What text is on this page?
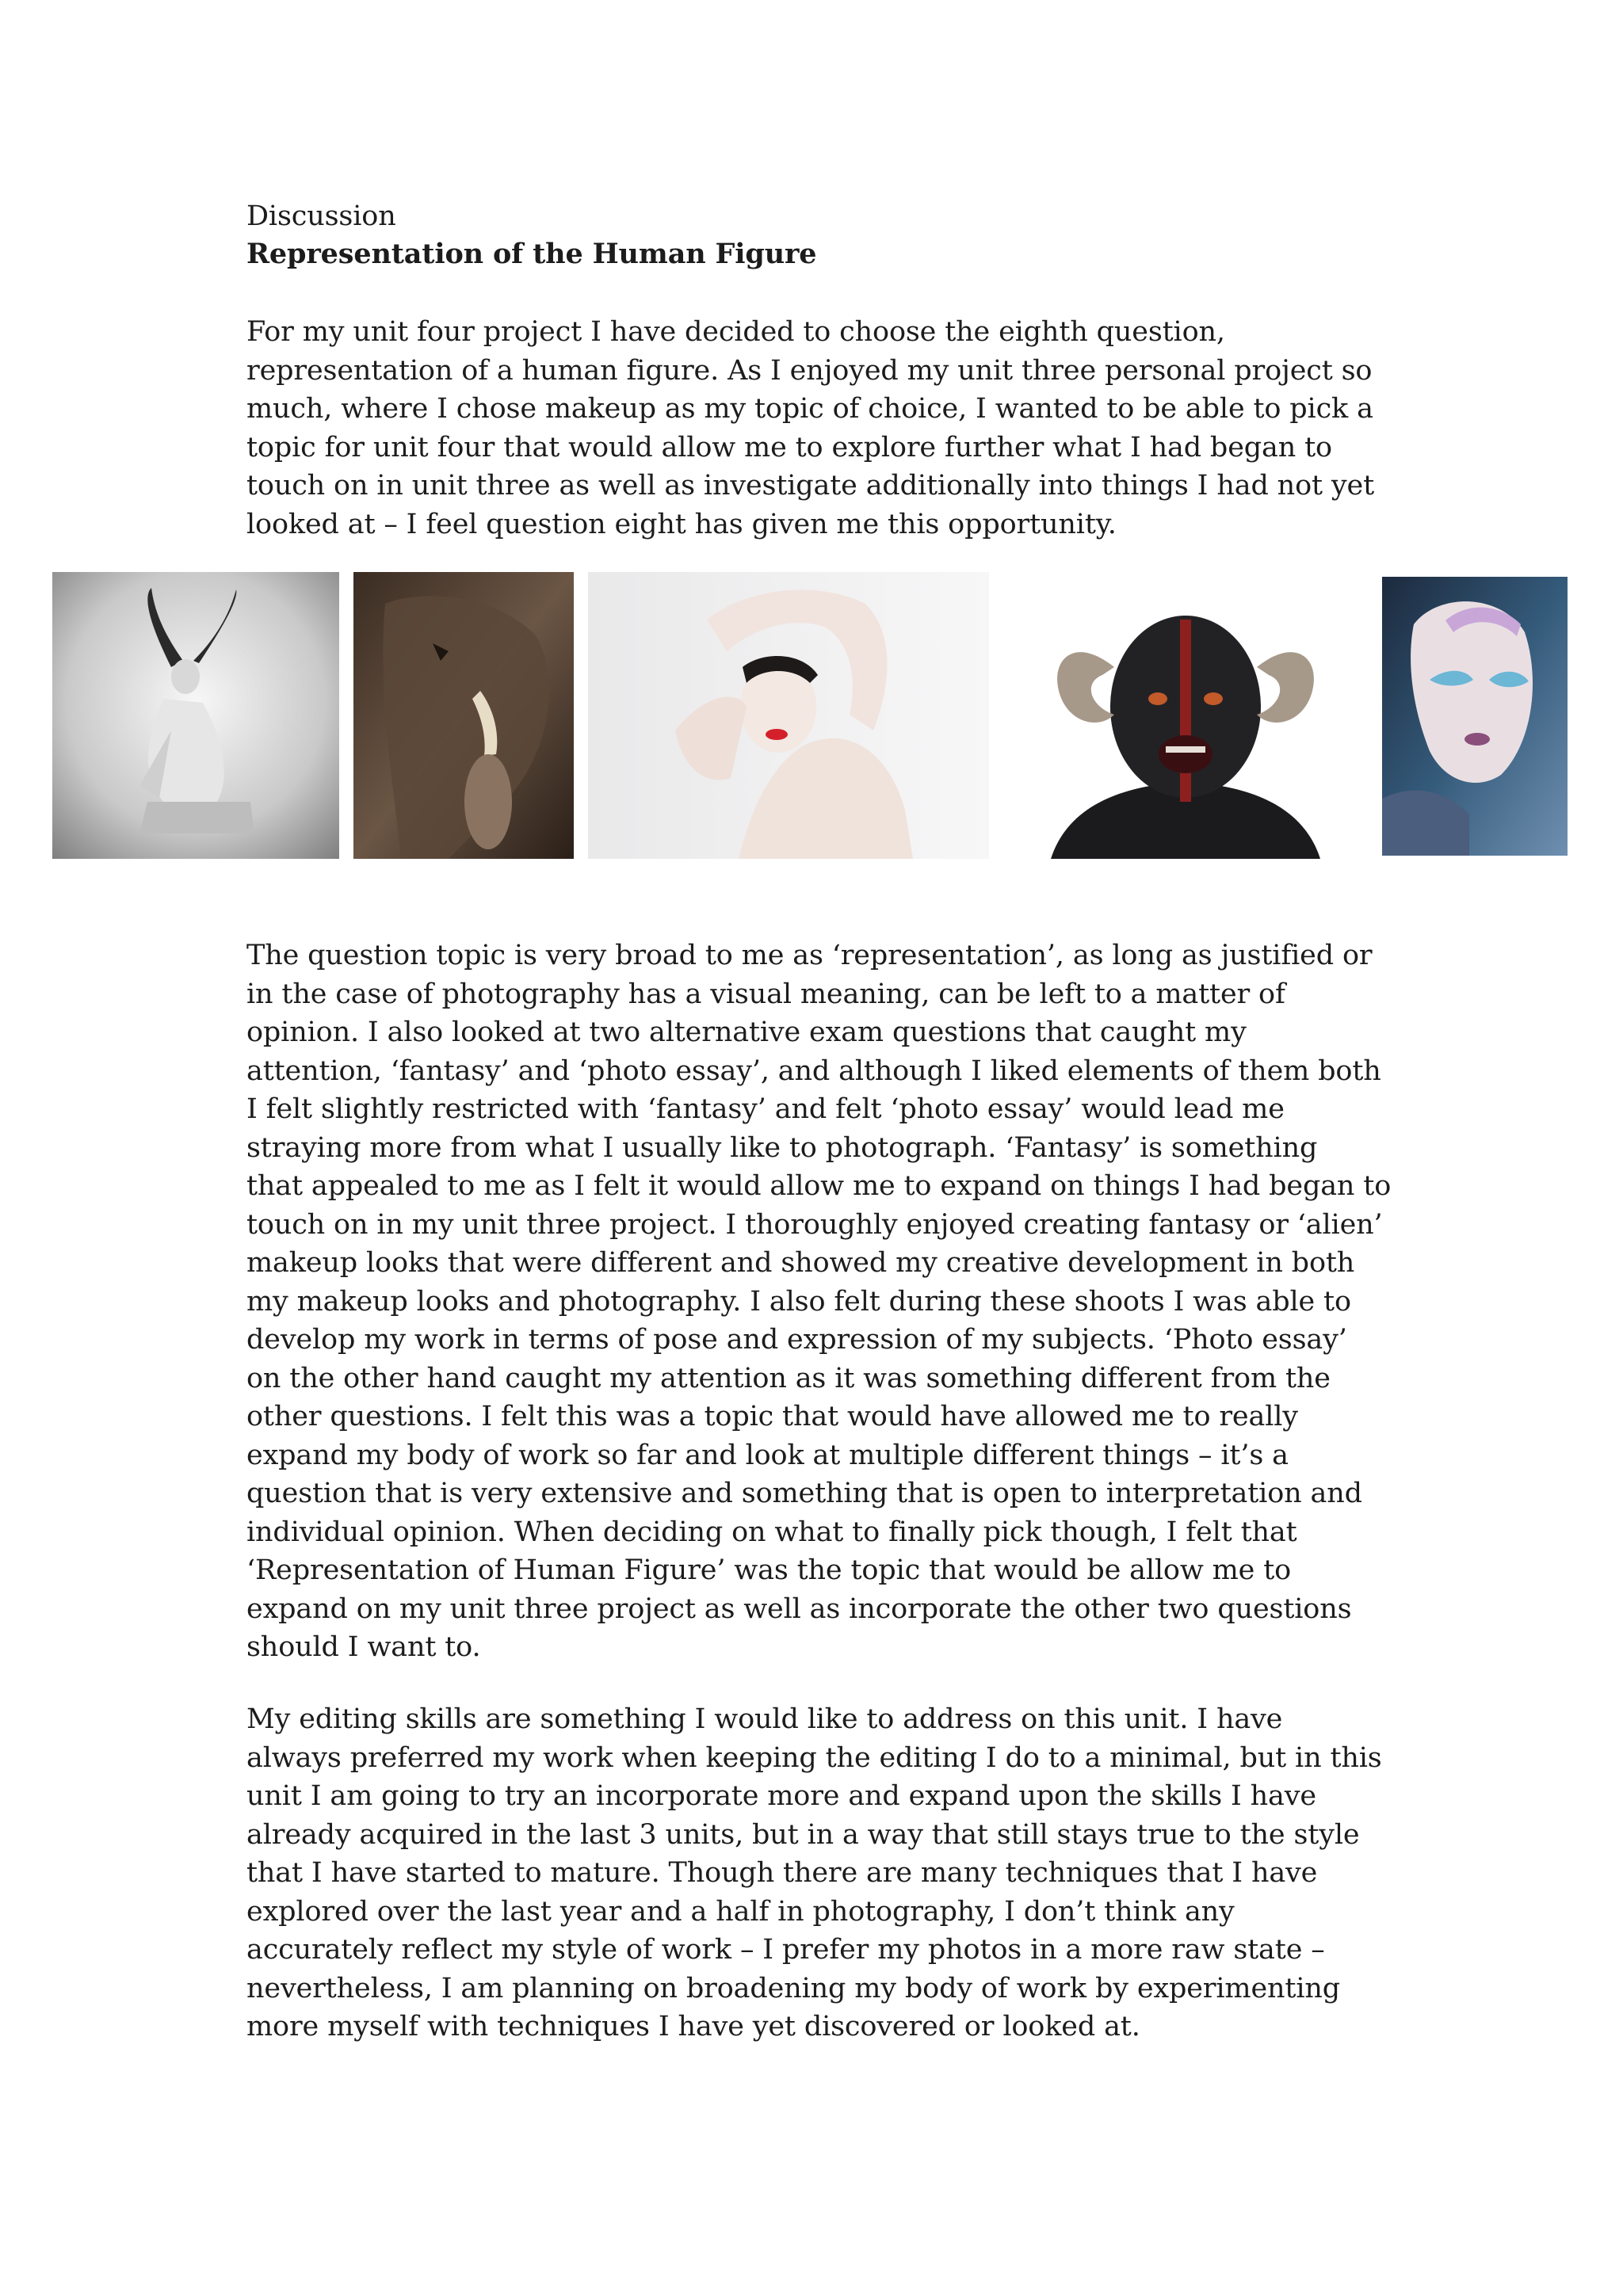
Discussion
Representation of the Human Figure
For my unit four project I have decided to choose the eighth question,
representation of a human figure. As I enjoyed my unit three personal project so
much, where I chose makeup as my topic of choice, I wanted to be able to pick a
topic for unit four that would allow me to explore further what I had began to
touch on in unit three as well as investigate additionally into things I had not yet
looked at – I feel question eight has given me this opportunity.
The question topic is very broad to me as ‘representation’, as long as justified or
in the case of photography has a visual meaning, can be left to a matter of
opinion. I also looked at two alternative exam questions that caught my
attention, ‘fantasy’ and ‘photo essay’, and although I liked elements of them both
I felt slightly restricted with ‘fantasy’ and felt ‘photo essay’ would lead me
straying more from what I usually like to photograph. ‘Fantasy’ is something
that appealed to me as I felt it would allow me to expand on things I had began to
touch on in my unit three project. I thoroughly enjoyed creating fantasy or ‘alien’
makeup looks that were different and showed my creative development in both
my makeup looks and photography. I also felt during these shoots I was able to
develop my work in terms of pose and expression of my subjects. ‘Photo essay’
on the other hand caught my attention as it was something different from the
other questions. I felt this was a topic that would have allowed me to really
expand my body of work so far and look at multiple different things – it’s a
question that is very extensive and something that is open to interpretation and
individual opinion. When deciding on what to finally pick though, I felt that
‘Representation of Human Figure’ was the topic that would be allow me to
expand on my unit three project as well as incorporate the other two questions
should I want to.
My editing skills are something I would like to address on this unit. I have
always preferred my work when keeping the editing I do to a minimal, but in this
unit I am going to try an incorporate more and expand upon the skills I have
already acquired in the last 3 units, but in a way that still stays true to the style
that I have started to mature. Though there are many techniques that I have
explored over the last year and a half in photography, I don’t think any
accurately reflect my style of work – I prefer my photos in a more raw state –
nevertheless, I am planning on broadening my body of work by experimenting
more myself with techniques I have yet discovered or looked at.
